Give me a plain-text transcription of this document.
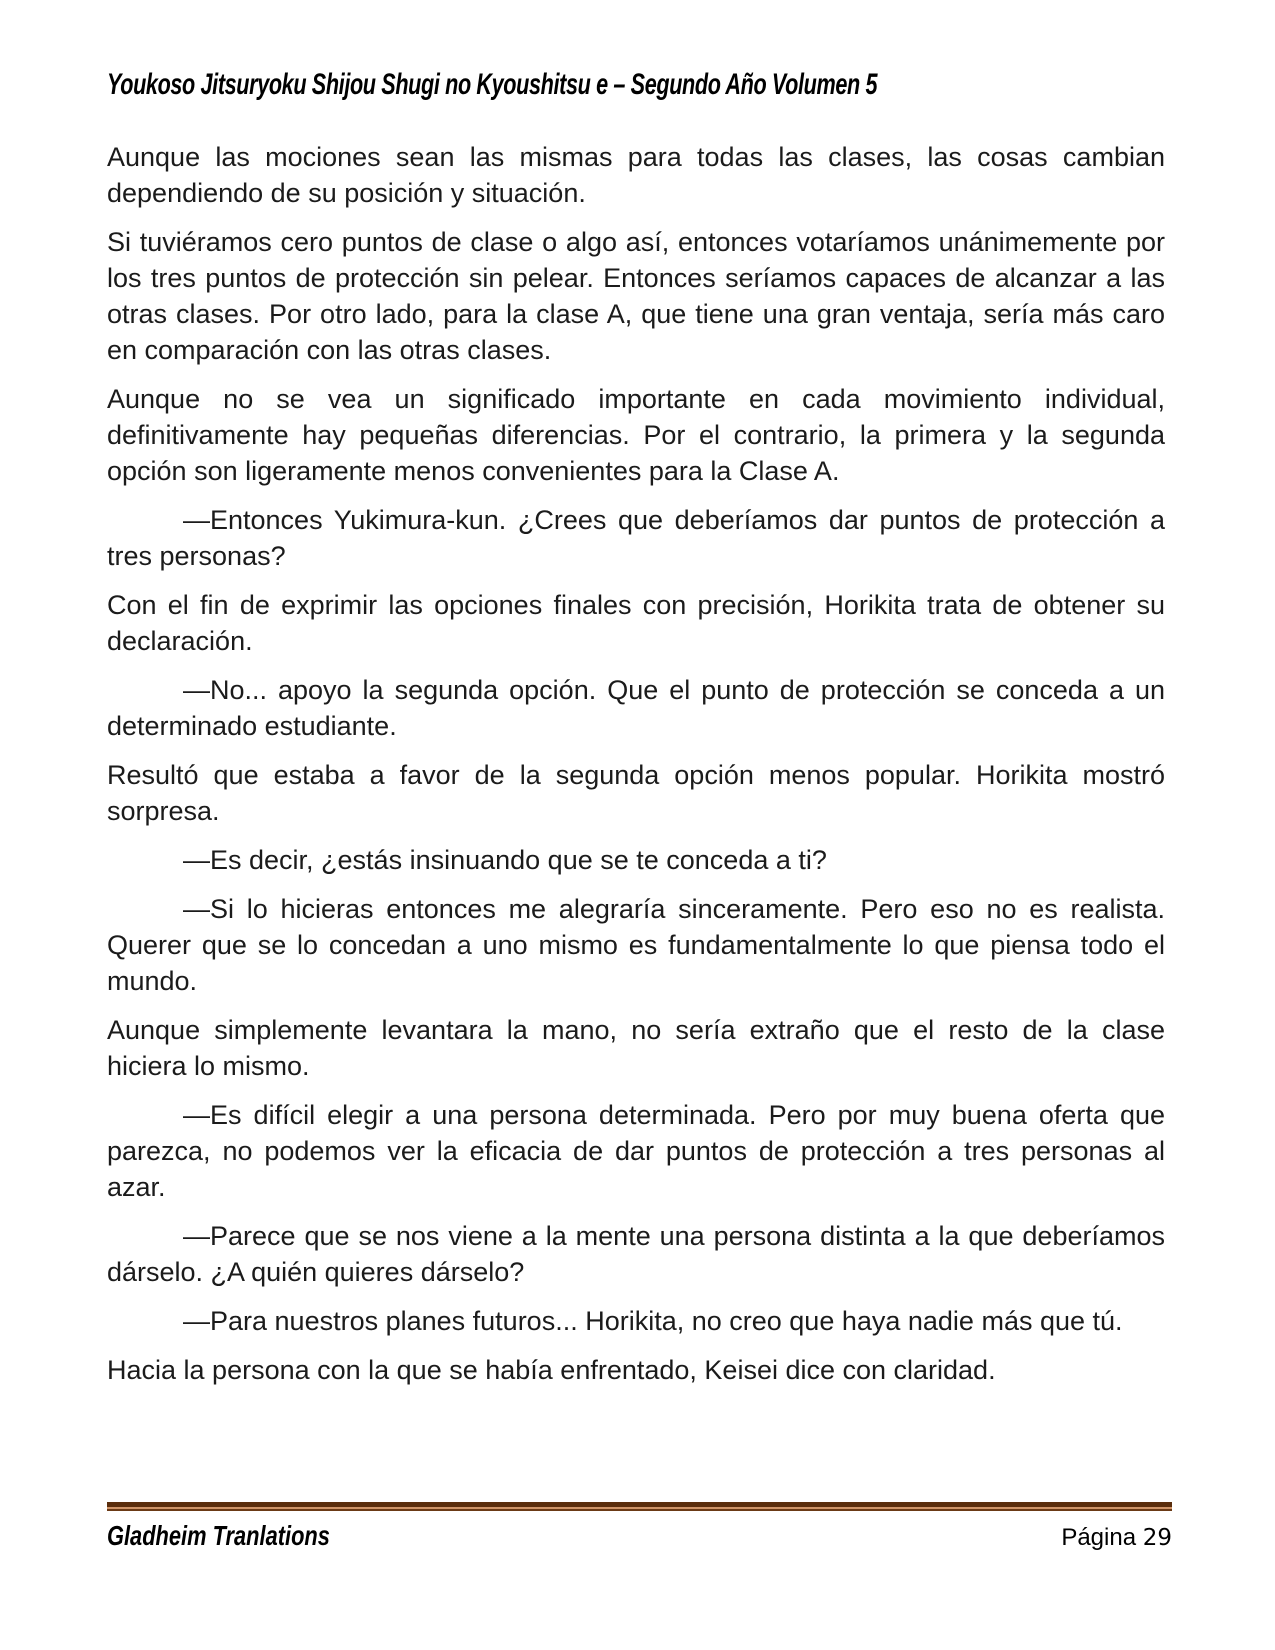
Youkoso Jitsuryoku Shijou Shugi no Kyoushitsu e – Segundo Año Volumen 5

Aunque las mociones sean las mismas para todas las clases, las cosas cambian dependiendo de su posición y situación.

Si tuviéramos cero puntos de clase o algo así, entonces votaríamos unánimemente por los tres puntos de protección sin pelear. Entonces seríamos capaces de alcanzar a las otras clases. Por otro lado, para la clase A, que tiene una gran ventaja, sería más caro en comparación con las otras clases.

Aunque no se vea un significado importante en cada movimiento individual, definitivamente hay pequeñas diferencias. Por el contrario, la primera y la segunda opción son ligeramente menos convenientes para la Clase A.

—Entonces Yukimura-kun. ¿Crees que deberíamos dar puntos de protección a tres personas?

Con el fin de exprimir las opciones finales con precisión, Horikita trata de obtener su declaración.

—No... apoyo la segunda opción. Que el punto de protección se conceda a un determinado estudiante.

Resultó que estaba a favor de la segunda opción menos popular. Horikita mostró sorpresa.

—Es decir, ¿estás insinuando que se te conceda a ti?

—Si lo hicieras entonces me alegraría sinceramente. Pero eso no es realista. Querer que se lo concedan a uno mismo es fundamentalmente lo que piensa todo el mundo.

Aunque simplemente levantara la mano, no sería extraño que el resto de la clase hiciera lo mismo.

—Es difícil elegir a una persona determinada. Pero por muy buena oferta que parezca, no podemos ver la eficacia de dar puntos de protección a tres personas al azar.

—Parece que se nos viene a la mente una persona distinta a la que deberíamos dárselo. ¿A quién quieres dárselo?

—Para nuestros planes futuros... Horikita, no creo que haya nadie más que tú.

Hacia la persona con la que se había enfrentado, Keisei dice con claridad.

Gladheim Tranlations	Página 29
